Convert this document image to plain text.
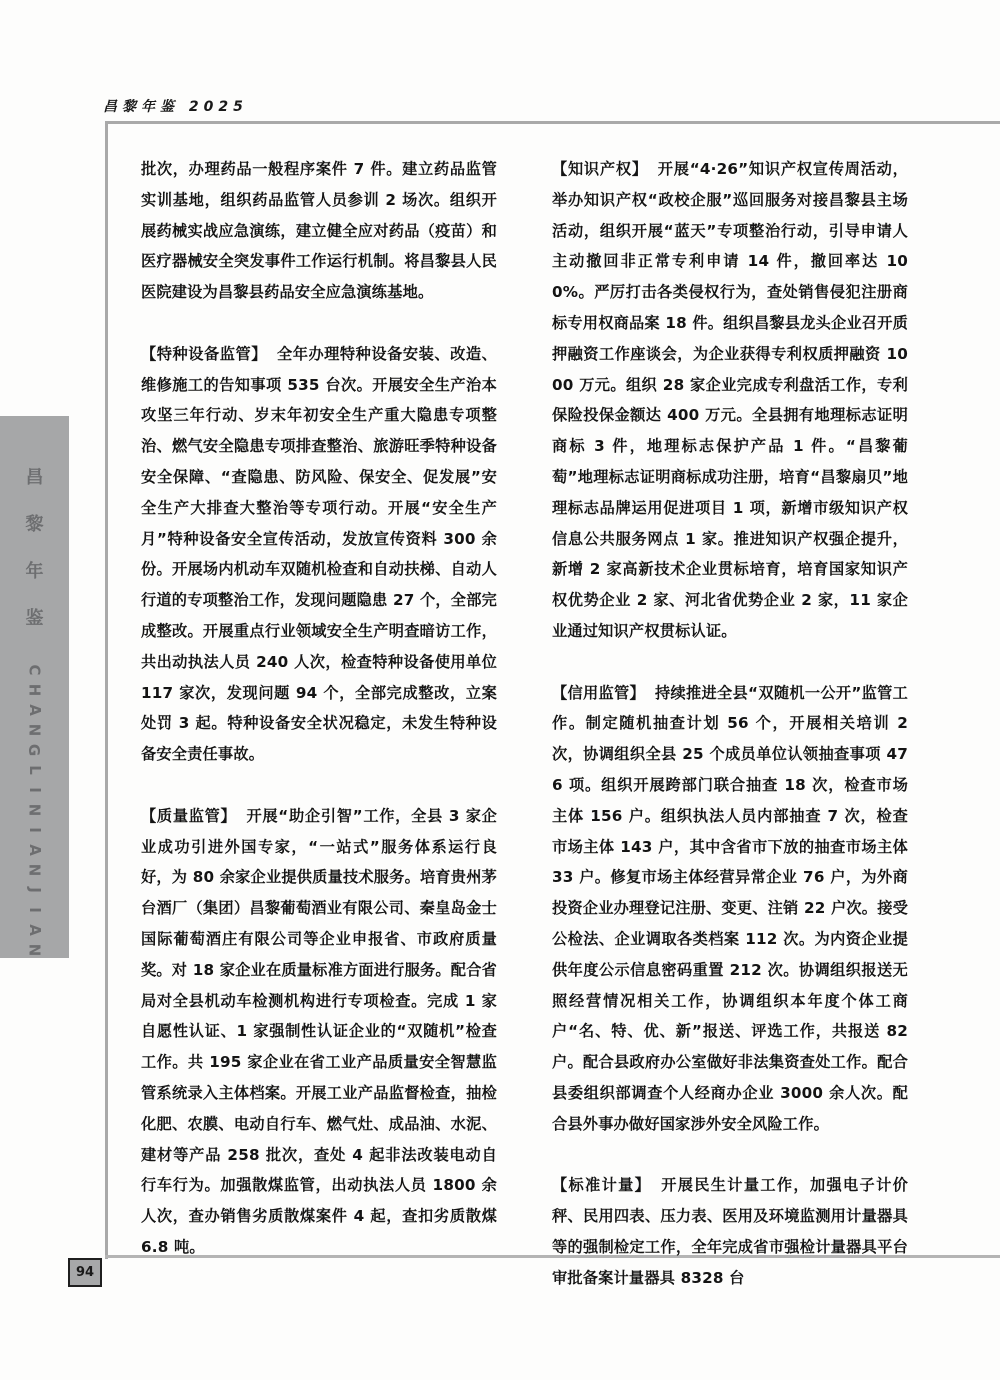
昌黎年鉴 2025
昌
黎
年
鉴
C
H
A
N
G
L
I
N
I
A
N
J
I
A
N

批次，办理药品一般程序案件 7 件。建立药品监管实训基地，组织药品监管人员参训 2 场次。组织开展药械实战应急演练，建立健全应对药品（疫苗）和医疗器械安全突发事件工作运行机制。将昌黎县人民医院建设为昌黎县药品安全应急演练基地。

【特种设备监管】 全年办理特种设备安装、改造、维修施工的告知事项 535 台次。开展安全生产治本攻坚三年行动、岁末年初安全生产重大隐患专项整治、燃气安全隐患专项排查整治、旅游旺季特种设备安全保障、“查隐患、防风险、保安全、促发展”安全生产大排查大整治等专项行动。开展“安全生产月”特种设备安全宣传活动，发放宣传资料 300 余份。开展场内机动车双随机检查和自动扶梯、自动人行道的专项整治工作，发现问题隐患 27 个，全部完成整改。开展重点行业领域安全生产明查暗访工作，共出动执法人员 240 人次，检查特种设备使用单位 117 家次，发现问题 94 个，全部完成整改，立案处罚 3 起。特种设备安全状况稳定，未发生特种设备安全责任事故。

【质量监管】 开展“助企引智”工作，全县 3 家企业成功引进外国专家，“一站式”服务体系运行良好，为 80 余家企业提供质量技术服务。培育贵州茅台酒厂（集团）昌黎葡萄酒业有限公司、秦皇岛金士国际葡萄酒庄有限公司等企业申报省、市政府质量奖。对 18 家企业在质量标准方面进行服务。配合省局对全县机动车检测机构进行专项检查。完成 1 家自愿性认证、1 家强制性认证企业的“双随机”检查工作。共 195 家企业在省工业产品质量安全智慧监管系统录入主体档案。开展工业产品监督检查，抽检化肥、农膜、电动自行车、燃气灶、成品油、水泥、建材等产品 258 批次，查处 4 起非法改装电动自行车行为。加强散煤监管，出动执法人员 1800 余人次，查办销售劣质散煤案件 4 起，查扣劣质散煤 6.8 吨。

【知识产权】 开展“4·26”知识产权宣传周活动，举办知识产权“政校企服”巡回服务对接昌黎县主场活动，组织开展“蓝天”专项整治行动，引导申请人主动撤回非正常专利申请 14 件，撤回率达 100%。严厉打击各类侵权行为，查处销售侵犯注册商标专用权商品案 18 件。组织昌黎县龙头企业召开质押融资工作座谈会，为企业获得专利权质押融资 1000 万元。组织 28 家企业完成专利盘活工作，专利保险投保金额达 400 万元。全县拥有地理标志证明商标 3 件，地理标志保护产品 1 件。“昌黎葡萄”地理标志证明商标成功注册，培育“昌黎扇贝”地理标志品牌运用促进项目 1 项，新增市级知识产权信息公共服务网点 1 家。推进知识产权强企提升，新增 2 家高新技术企业贯标培育，培育国家知识产权优势企业 2 家、河北省优势企业 2 家，11 家企业通过知识产权贯标认证。

【信用监管】 持续推进全县“双随机一公开”监管工作。制定随机抽查计划 56 个，开展相关培训 2 次，协调组织全县 25 个成员单位认领抽查事项 476 项。组织开展跨部门联合抽查 18 次，检查市场主体 156 户。组织执法人员内部抽查 7 次，检查市场主体 143 户，其中含省市下放的抽查市场主体 33 户。修复市场主体经营异常企业 76 户，为外商投资企业办理登记注册、变更、注销 22 户次。接受公检法、企业调取各类档案 112 次。为内资企业提供年度公示信息密码重置 212 次。协调组织报送无照经营情况相关工作，协调组织本年度个体工商户“名、特、优、新”报送、评选工作，共报送 82 户。配合县政府办公室做好非法集资查处工作。配合县委组织部调查个人经商办企业 3000 余人次。配合县外事办做好国家涉外安全风险工作。

【标准计量】 开展民生计量工作，加强电子计价秤、民用四表、压力表、医用及环境监测用计量器具等的强制检定工作，全年完成省市强检计量器具平台审批备案计量器具 8328 台

94
